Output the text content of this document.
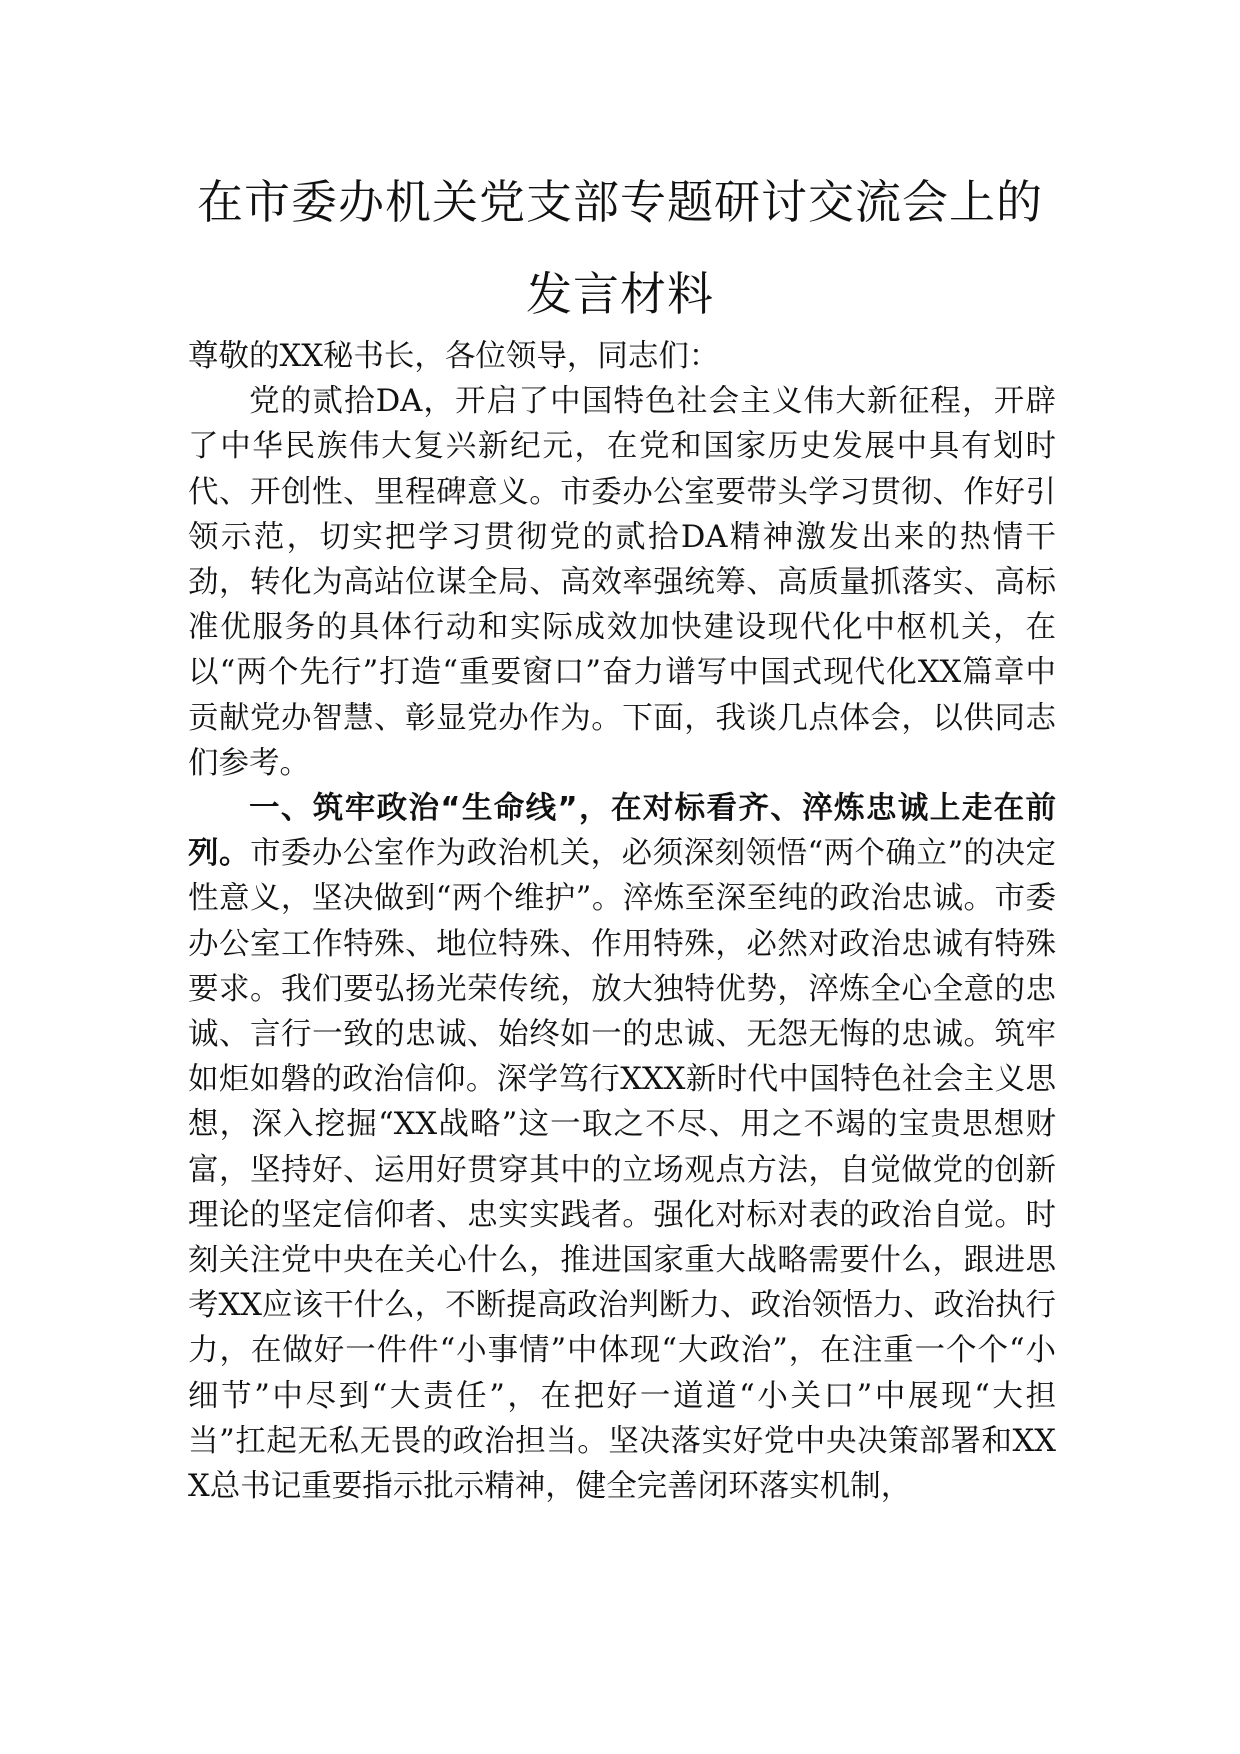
在市委办机关党支部专题研讨交流会上的
发言材料

尊敬的XX秘书长，各位领导，同志们：

党的贰拾DA，开启了中国特色社会主义伟大新征程，开辟了中华民族伟大复兴新纪元，在党和国家历史发展中具有划时代、开创性、里程碑意义。市委办公室要带头学习贯彻、作好引领示范，切实把学习贯彻党的贰拾DA精神激发出来的热情干劲，转化为高站位谋全局、高效率强统筹、高质量抓落实、高标准优服务的具体行动和实际成效加快建设现代化中枢机关，在以“两个先行”打造“重要窗口”奋力谱写中国式现代化XX篇章中贡献党办智慧、彰显党办作为。下面，我谈几点体会，以供同志们参考。

一、筑牢政治“生命线”，在对标看齐、淬炼忠诚上走在前列。市委办公室作为政治机关，必须深刻领悟“两个确立”的决定性意义，坚决做到“两个维护”。淬炼至深至纯的政治忠诚。市委办公室工作特殊、地位特殊、作用特殊，必然对政治忠诚有特殊要求。我们要弘扬光荣传统，放大独特优势，淬炼全心全意的忠诚、言行一致的忠诚、始终如一的忠诚、无怨无悔的忠诚。筑牢如炬如磐的政治信仰。深学笃行XXX新时代中国特色社会主义思想，深入挖掘“XX战略”这一取之不尽、用之不竭的宝贵思想财富，坚持好、运用好贯穿其中的立场观点方法，自觉做党的创新理论的坚定信仰者、忠实实践者。强化对标对表的政治自觉。时刻关注党中央在关心什么，推进国家重大战略需要什么，跟进思考XX应该干什么，不断提高政治判断力、政治领悟力、政治执行力，在做好一件件“小事情”中体现“大政治”，在注重一个个“小细节”中尽到“大责任”，在把好一道道“小关口”中展现“大担当”扛起无私无畏的政治担当。坚决落实好党中央决策部署和XXX总书记重要指示批示精神，健全完善闭环落实机制，
